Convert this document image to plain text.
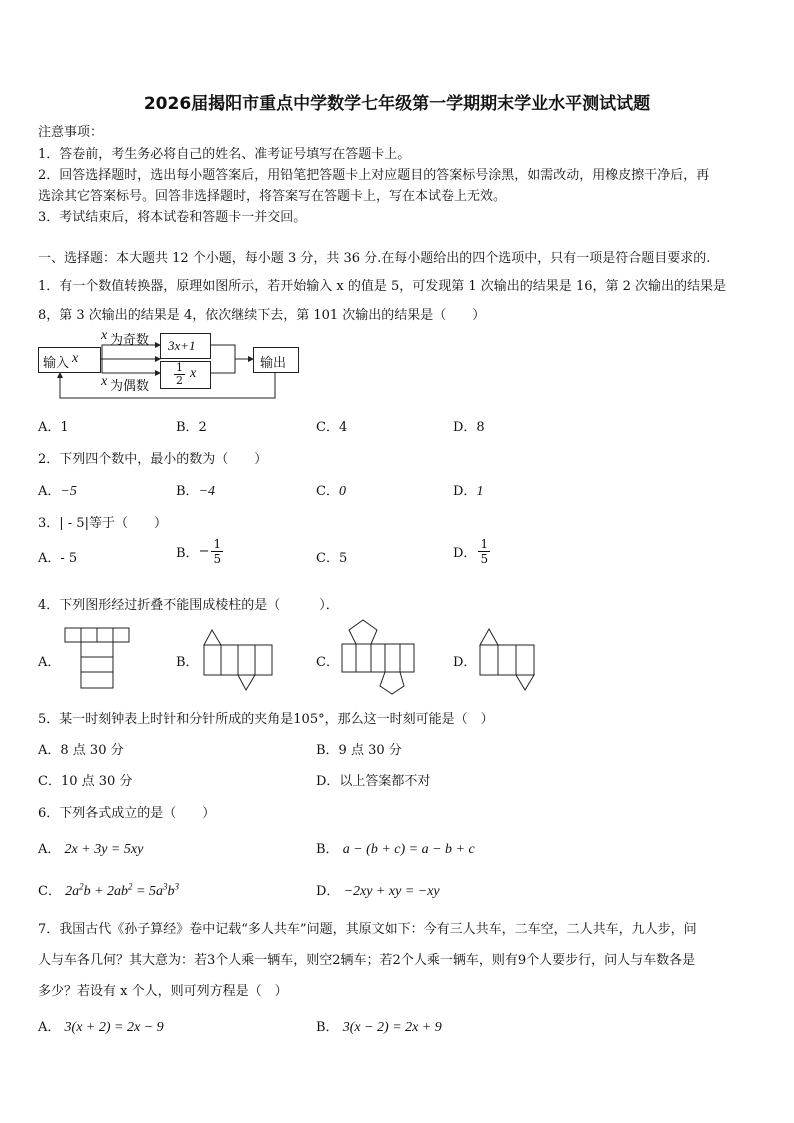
2026届揭阳市重点中学数学七年级第一学期期末学业水平测试试题
注意事项：
1．答卷前，考生务必将自己的姓名、准考证号填写在答题卡上。
2．回答选择题时，选出每小题答案后，用铅笔把答题卡上对应题目的答案标号涂黑，如需改动，用橡皮擦干净后，再
选涂其它答案标号。回答非选择题时，将答案写在答题卡上，写在本试卷上无效。
3．考试结束后，将本试卷和答题卡一并交回。
一、选择题：本大题共 12 个小题，每小题 3 分，共 36 分.在每小题给出的四个选项中，只有一项是符合题目要求的.
1．有一个数值转换器，原理如图所示，若开始输入 x 的值是 5，可发现第 1 次输出的结果是 16，第 2 次输出的结果是
8，第 3 次输出的结果是 4，依次继续下去，第 101 次输出的结果是（　　）
输入 x
x 为奇数 3x+1
$\frac{1}{2}$ x
x 为偶数
输出
A．1	B．2	C．4	D．8
2．下列四个数中，最小的数为（　　）
A．−5	B．−4	C．0	D．1
3．| - 5|等于（　　）
A．- 5	B．− $\frac{1}{5}$	C．5	D． $\frac{1}{5}$
4．下列图形经过折叠不能围成棱柱的是（　　　）．
A．	B．	C．	D．
5．某一时刻钟表上时针和分针所成的夹角是105°，那么这一时刻可能是（　）
A．8 点 30 分	B．9 点 30 分
C．10 点 30 分	D．以上答案都不对
6．下列各式成立的是（　　）
A． 2x + 3y = 5xy	B． a − (b + c) = a − b + c
C． $2a^2b + 2ab^2 = 5a^3b^3$	D． −2xy + xy = −xy
7．我国古代《孙子算经》卷中记载“多人共车”问题，其原文如下：今有三人共车，二车空，二人共车，九人步，问
人与车各几何？其大意为：若3个人乘一辆车，则空2辆车；若2个人乘一辆车，则有9个人要步行，问人与车数各是
多少？若设有 x 个人，则可列方程是（　）
A． 3(x + 2) = 2x − 9	B． 3(x − 2) = 2x + 9
